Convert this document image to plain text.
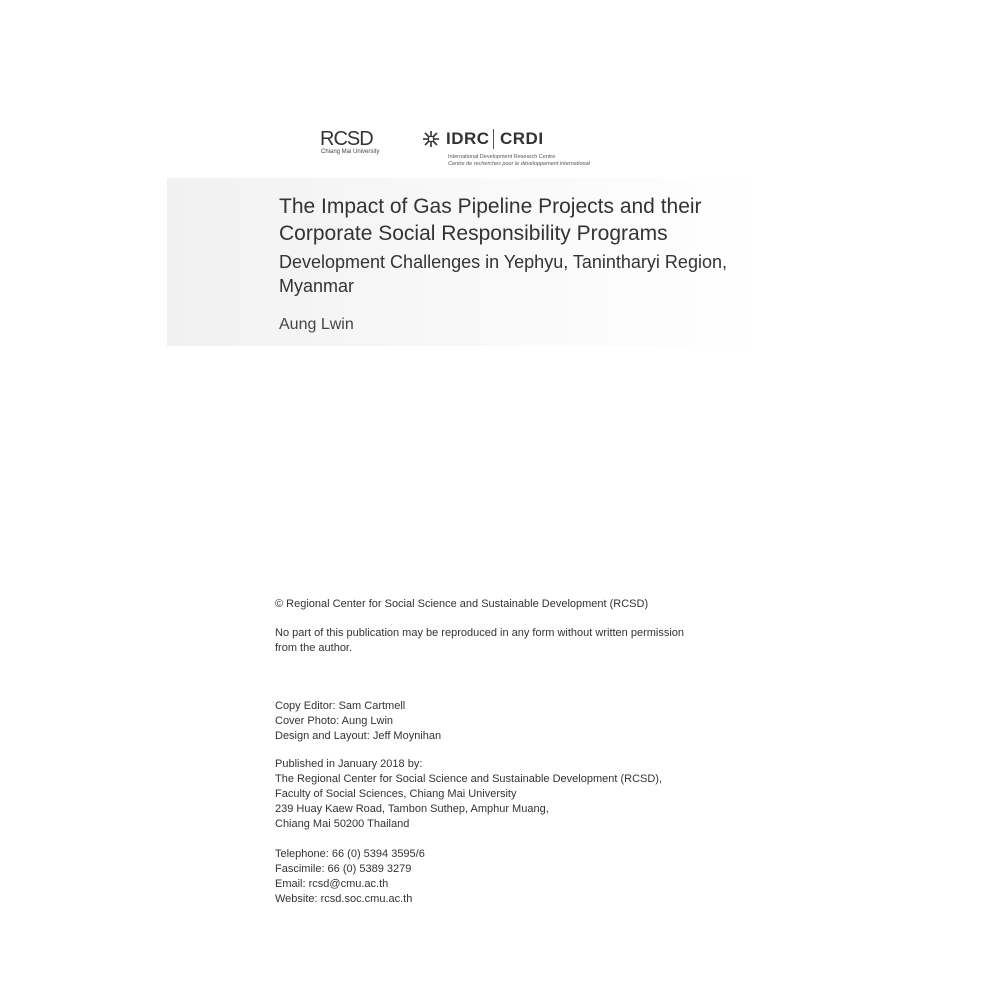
RCSD
Chiang Mai University
IDRC CRDI
International Development Research Centre
Centre de recherches pour le développement international
The Impact of Gas Pipeline Projects and their Corporate Social Responsibility Programs
Development Challenges in Yephyu, Tanintharyi Region, Myanmar
Aung Lwin

© Regional Center for Social Science and Sustainable Development (RCSD)

No part of this publication may be reproduced in any form without written permission

from the author.

Copy Editor: Sam Cartmell

Cover Photo: Aung Lwin

Design and Layout: Jeff Moynihan

Published in January 2018 by:

The Regional Center for Social Science and Sustainable Development (RCSD),

Faculty of Social Sciences, Chiang Mai University

239 Huay Kaew Road, Tambon Suthep, Amphur Muang,

Chiang Mai 50200 Thailand

Telephone: 66 (0) 5394 3595/6

Fascimile: 66 (0) 5389 3279

Email: rcsd@cmu.ac.th

Website: rcsd.soc.cmu.ac.th
